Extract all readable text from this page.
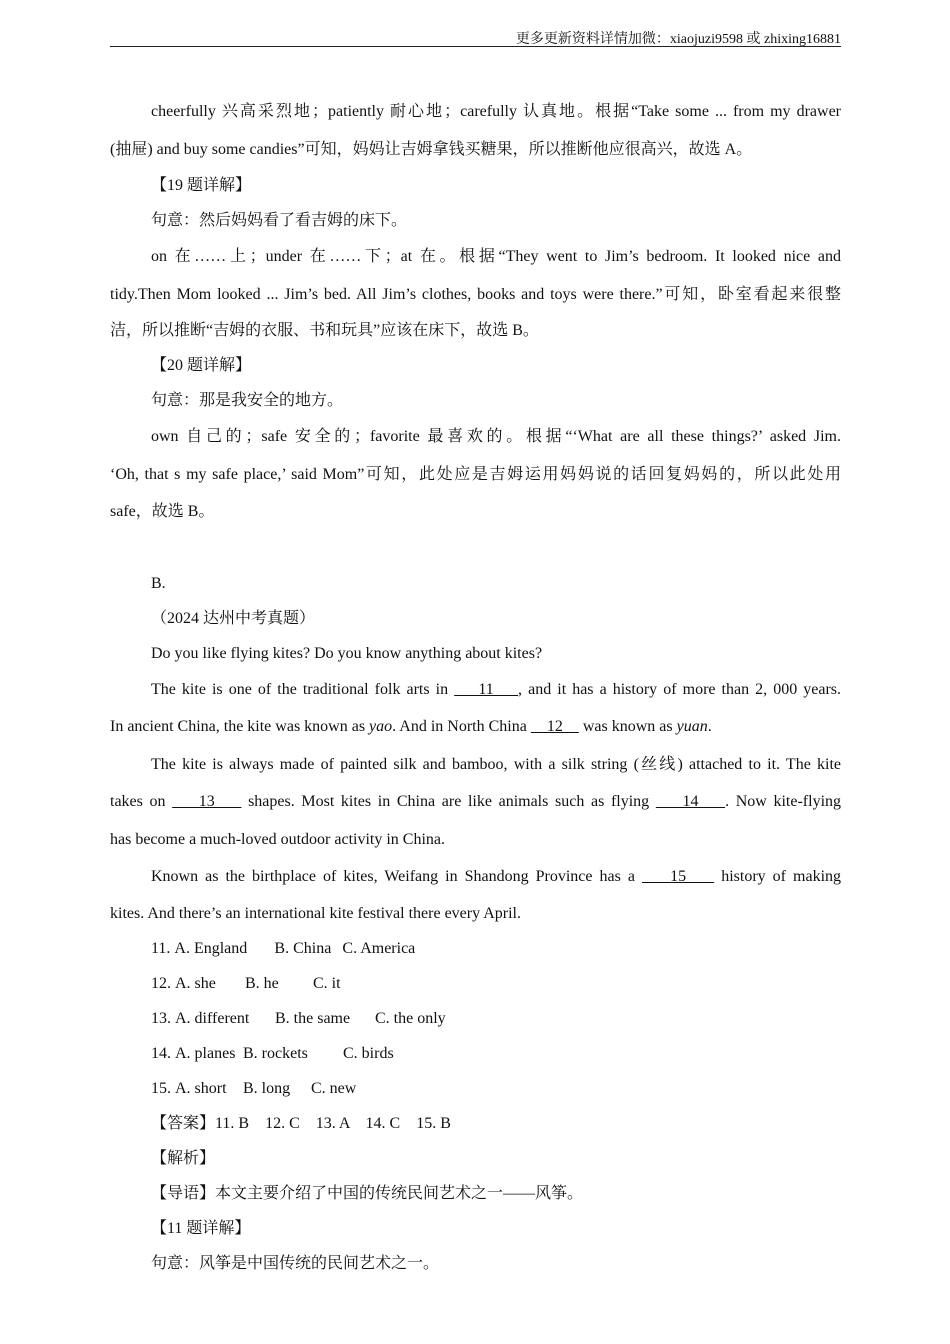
更多更新资料详情加微：xiaojuzi9598 或 zhixing16881
cheerfully 兴高采烈地；patiently 耐心地；carefully 认真地。根据“Take some ... from my drawer
(抽屉) and buy some candies”可知，妈妈让吉姆拿钱买糖果，所以推断他应很高兴，故选 A。
【19 题详解】
句意：然后妈妈看了看吉姆的床下。
on 在……上；under 在……下；at 在。根据“They went to Jim’s bedroom. It looked nice and
tidy.Then Mom looked ... Jim’s bed. All Jim’s clothes, books and toys were there.”可知，卧室看起来很整
洁，所以推断“吉姆的衣服、书和玩具”应该在床下，故选 B。
【20 题详解】
句意：那是我安全的地方。
own 自己的；safe 安全的；favorite 最喜欢的。根据“‘What are all these things?’ asked Jim.
‘Oh, that s my safe place,’ said Mom”可知，此处应是吉姆运用妈妈说的话回复妈妈的，所以此处用
safe，故选 B。
B.
（2024 达州中考真题）
Do you like flying kites? Do you know anything about kites?
The kite is one of the traditional folk arts in     11    , and it has a history of more than 2, 000 years.
In ancient China, the kite was known as yao. And in North China     12     was known as yuan.
The kite is always made of painted silk and bamboo, with a silk string (丝线) attached to it. The kite
takes on     13     shapes. Most kites in China are like animals such as flying     14    . Now kite-flying
has become a much-loved outdoor activity in China.
Known as the birthplace of kites, Weifang in Shandong Province has a     15     history of making
kites. And there’s an international kite festival there every April.
11. A. England B. China C. America
12. A. she B. he C. it
13. A. different B. the same C. the only
14. A. planes B. rockets C. birds
15. A. short B. long C. new
【答案】11. B    12. C    13. A    14. C    15. B
【解析】
【导语】本文主要介绍了中国的传统民间艺术之一——风筝。
【11 题详解】
句意：风筝是中国传统的民间艺术之一。
